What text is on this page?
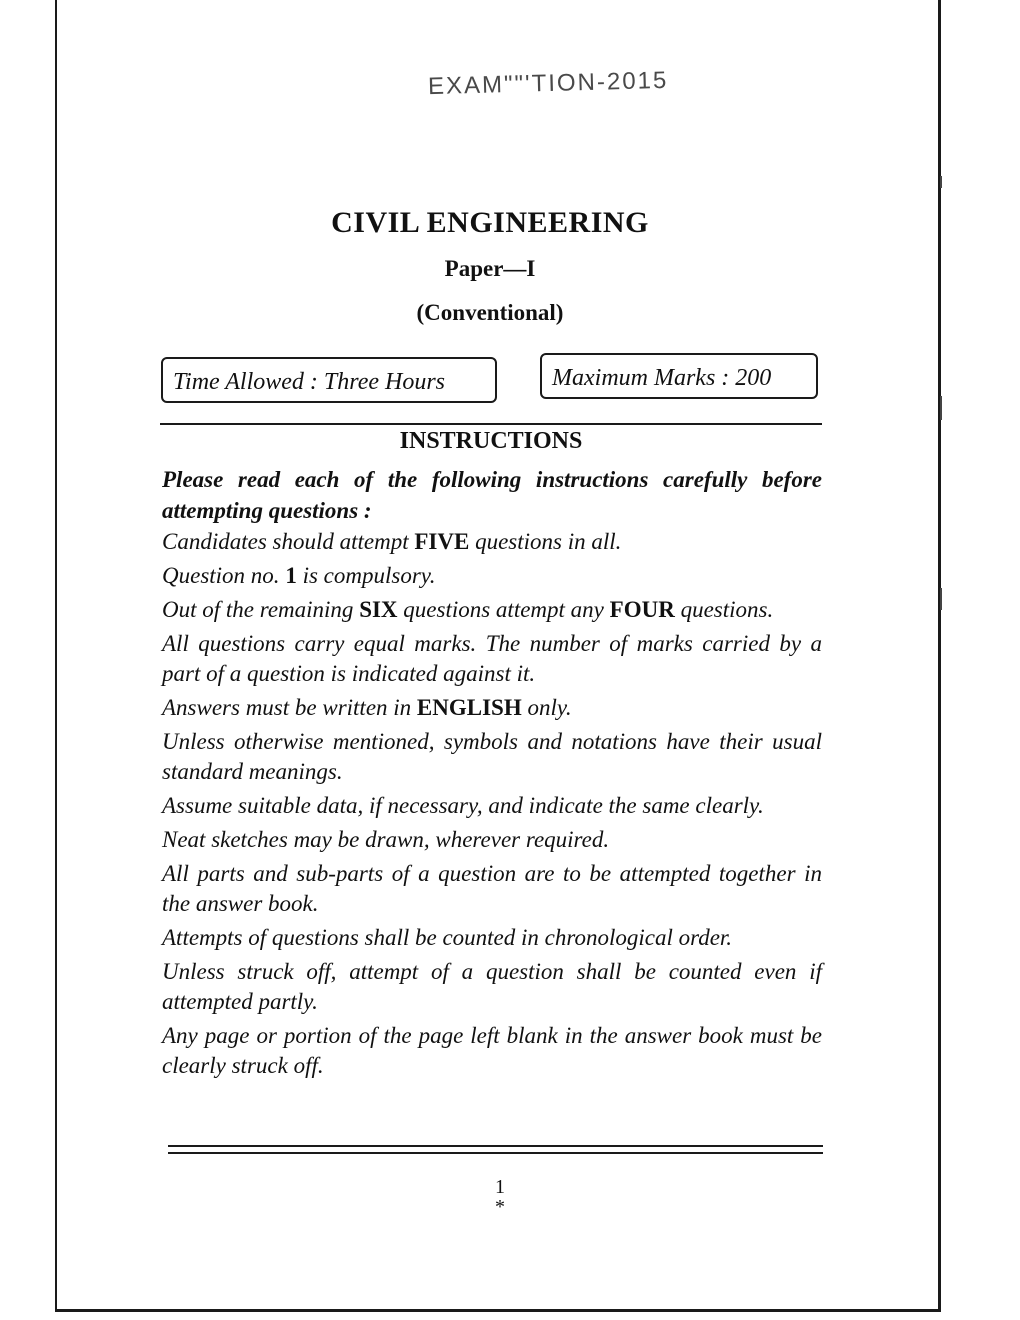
EXAM""'TION-2015
CIVIL ENGINEERING
Paper—I
(Conventional)
Time Allowed : Three Hours	Maximum Marks : 200
INSTRUCTIONS
Please read each of the following instructions carefully before attempting questions :

Candidates should attempt FIVE questions in all.

Question no. 1 is compulsory.

Out of the remaining SIX questions attempt any FOUR questions.

All questions carry equal marks. The number of marks carried by a part of a question is indicated against it.

Answers must be written in ENGLISH only.

Unless otherwise mentioned, symbols and notations have their usual standard meanings.

Assume suitable data, if necessary, and indicate the same clearly.

Neat sketches may be drawn, wherever required.

All parts and sub-parts of a question are to be attempted together in the answer book.

Attempts of questions shall be counted in chronological order.

Unless struck off, attempt of a question shall be counted even if attempted partly.

Any page or portion of the page left blank in the answer book must be clearly struck off.

1
*
